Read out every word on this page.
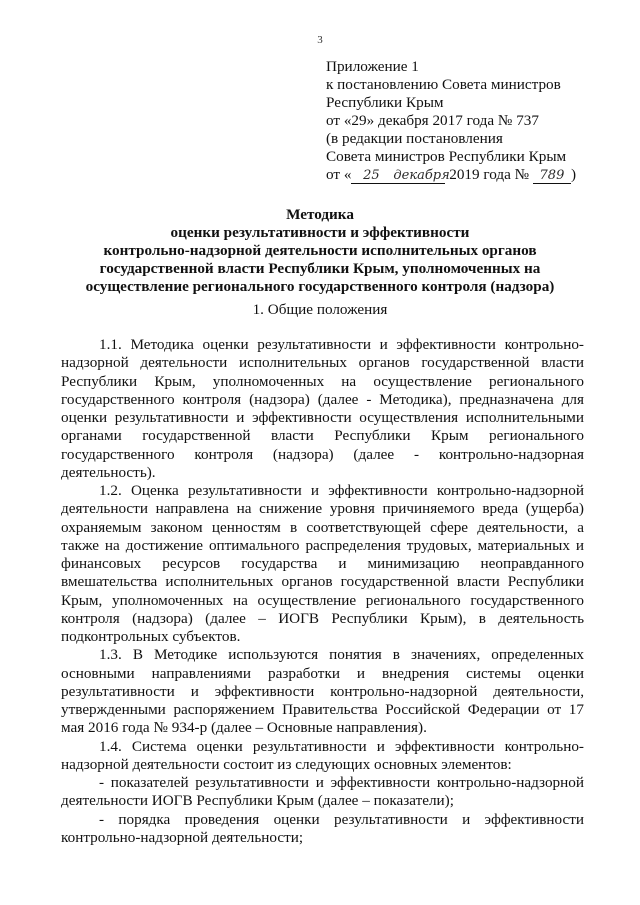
3
Приложение 1
к постановлению Совета министров
Республики Крым
от «29» декабря 2017 года № 737
(в редакции постановления
Совета министров Республики Крым
от « 25 декабря 2019 года № 789 )
Методика
оценки результативности и эффективности
контрольно-надзорной деятельности исполнительных органов
государственной власти Республики Крым, уполномоченных на
осуществление регионального государственного контроля (надзора)
1. Общие положения

1.1. Методика оценки результативности и эффективности контрольно-надзорной деятельности исполнительных органов государственной власти Республики Крым, уполномоченных на осуществление регионального государственного контроля (надзора) (далее - Методика), предназначена для оценки результативности и эффективности осуществления исполнительными органами государственной власти Республики Крым регионального государственного контроля (надзора) (далее - контрольно-надзорная деятельность).

1.2. Оценка результативности и эффективности контрольно-надзорной деятельности направлена на снижение уровня причиняемого вреда (ущерба) охраняемым законом ценностям в соответствующей сфере деятельности, а также на достижение оптимального распределения трудовых, материальных и финансовых ресурсов государства и минимизацию неоправданного вмешательства исполнительных органов государственной власти Республики Крым, уполномоченных на осуществление регионального государственного контроля (надзора) (далее – ИОГВ Республики Крым), в деятельность подконтрольных субъектов.

1.3. В Методике используются понятия в значениях, определенных основными направлениями разработки и внедрения системы оценки результативности и эффективности контрольно-надзорной деятельности, утвержденными распоряжением Правительства Российской Федерации от 17 мая 2016 года № 934-р (далее – Основные направления).

1.4. Система оценки результативности и эффективности контрольно-надзорной деятельности состоит из следующих основных элементов:

- показателей результативности и эффективности контрольно-надзорной деятельности ИОГВ Республики Крым (далее – показатели);

- порядка проведения оценки результативности и эффективности контрольно-надзорной деятельности;
